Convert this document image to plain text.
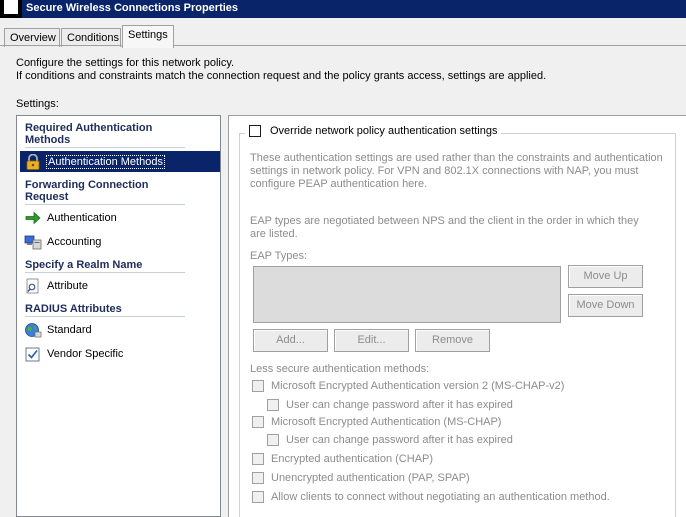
Secure Wireless Connections Properties
Overview	Conditions Settings
Configure the settings for this network policy.
If conditions and constraints match the connection request and the policy grants access, settings are applied.
Settings:
Required Authentication
Methods
Authentication Methods
Forwarding Connection
Request
Authentication
Accounting
Specify a Realm Name
Attribute
RADIUS Attributes
Standard
Vendor Specific
Override network policy authentication settings
These authentication settings are used rather than the constraints and authentication
settings in network policy. For VPN and 802.1X connections with NAP, you must
configure PEAP authentication here.
EAP types are negotiated between NPS and the client in the order in which they
are listed.
EAP Types:
Move Up
Move Down
Add...	Edit...	Remove
Less secure authentication methods:
Microsoft Encrypted Authentication version 2 (MS-CHAP-v2)
User can change password after it has expired
Microsoft Encrypted Authentication (MS-CHAP)
User can change password after it has expired
Encrypted authentication (CHAP)
Unencrypted authentication (PAP, SPAP)
Allow clients to connect without negotiating an authentication method.
